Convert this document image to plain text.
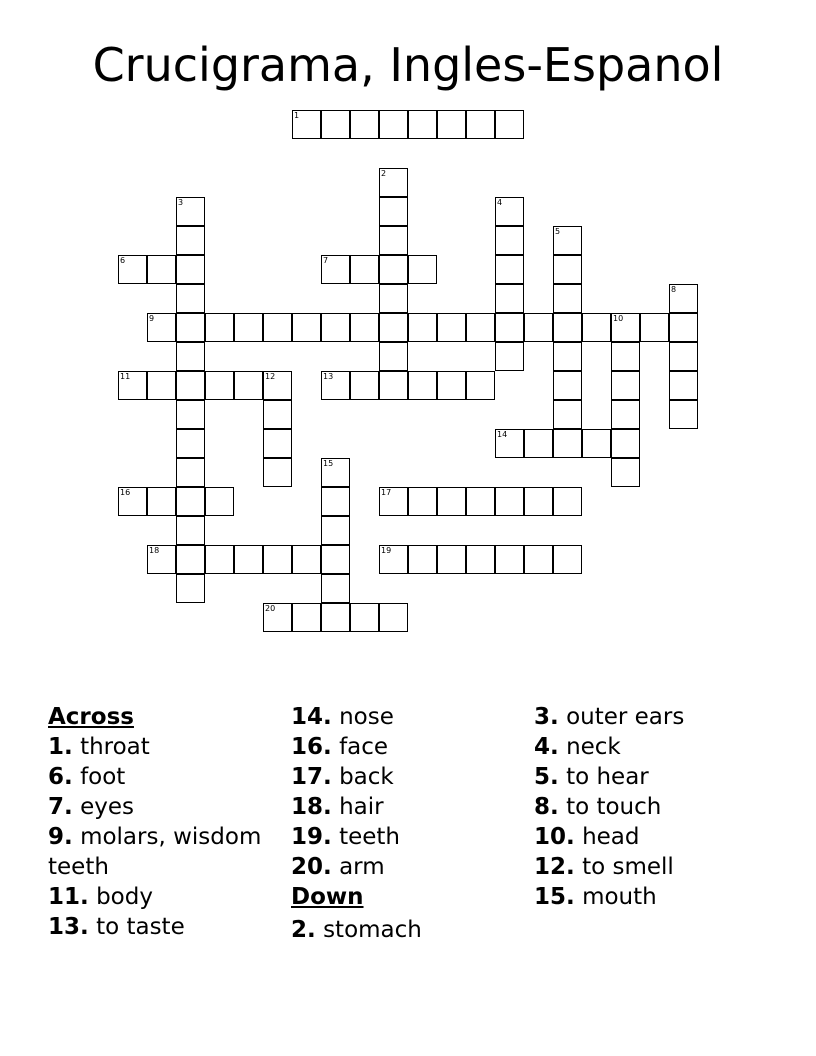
Crucigrama, Ingles-Espanol
1
2
3	4
5
6	7
8
9	10
11	12	13
14
15
16	17
18	19
20
Across
1. throat
6. foot
7. eyes
9. molars, wisdom teeth
11. body
13. to taste
14. nose
16. face
17. back
18. hair
19. teeth
20. arm
Down
2. stomach
3. outer ears
4. neck
5. to hear
8. to touch
10. head
12. to smell
15. mouth
